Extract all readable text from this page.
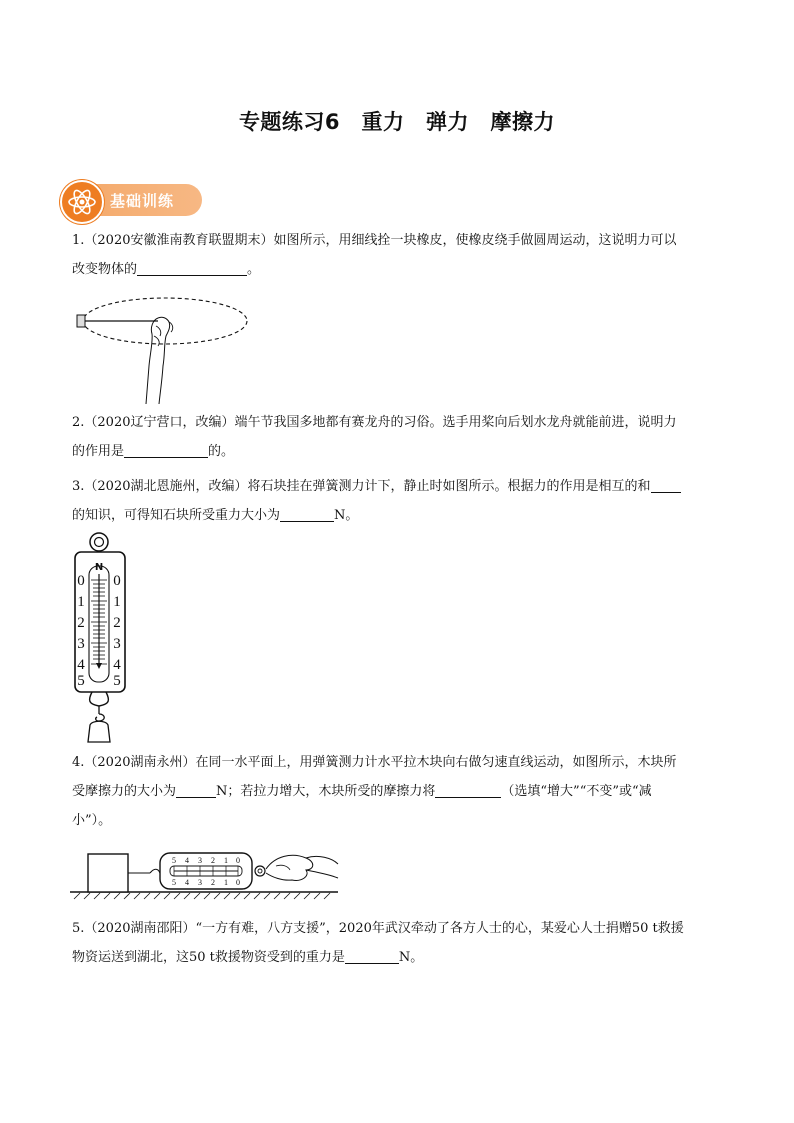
专题练习6　重力　弹力　摩擦力
基础训练
1.（2020安徽淮南教育联盟期末）如图所示，用细线拴一块橡皮，使橡皮绕手做圆周运动，这说明力可以
改变物体的	。
2.（2020辽宁营口，改编）端午节我国多地都有赛龙舟的习俗。选手用桨向后划水龙舟就能前进，说明力
的作用是	的。
3.（2020湖北恩施州，改编）将石块挂在弹簧测力计下，静止时如图所示。根据力的作用是相互的和
的知识，可得知石块所受重力大小为	N。
N
0
1
2
3
4
5
0
1
2
3
4
5
4.（2020湖南永州）在同一水平面上，用弹簧测力计水平拉木块向右做匀速直线运动，如图所示，木块所
受摩擦力的大小为	N；若拉力增大，木块所受的摩擦力将	（选填“增大”“不变”或“减
小”）。
5 4 3 2 1 0
5 4 3 2 1 0
5.（2020湖南邵阳）“一方有难，八方支援”，2020年武汉牵动了各方人士的心，某爱心人士捐赠50 t救援
物资运送到湖北，这50 t救援物资受到的重力是	N。
